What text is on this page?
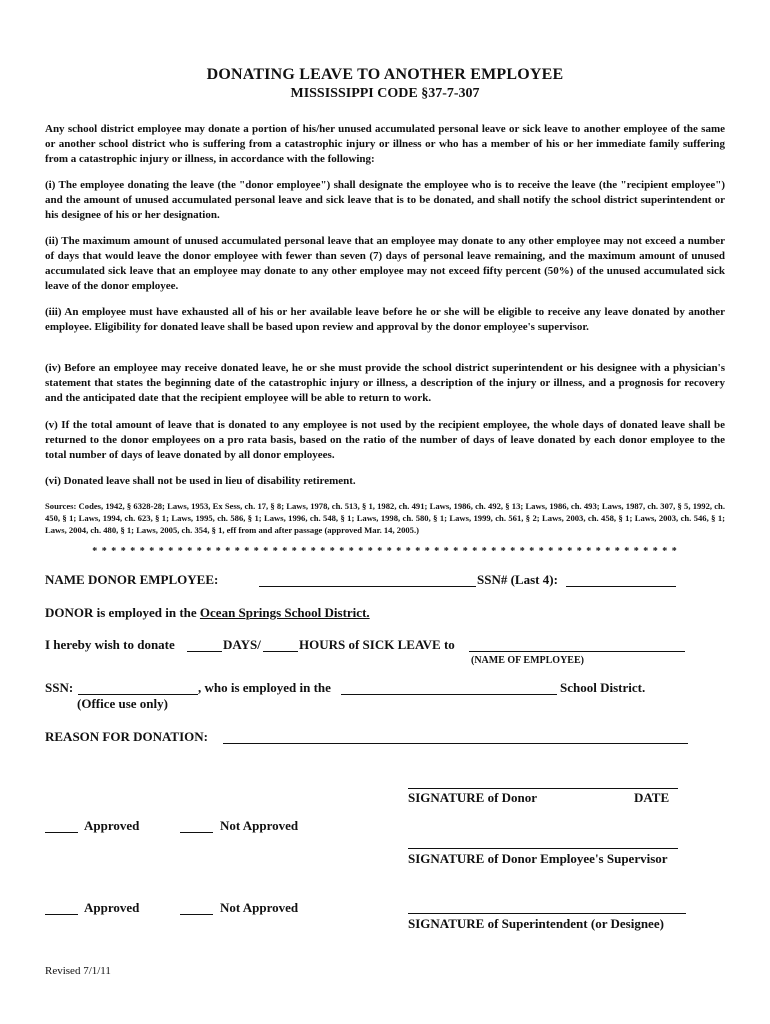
DONATING LEAVE TO ANOTHER EMPLOYEE
MISSISSIPPI CODE §37-7-307
Any school district employee may donate a portion of his/her unused accumulated personal leave or sick leave to another employee of the same or another school district who is suffering from a catastrophic injury or illness or who has a member of his or her immediate family suffering from a catastrophic injury or illness, in accordance with the following:
(i) The employee donating the leave (the "donor employee") shall designate the employee who is to receive the leave (the "recipient employee") and the amount of unused accumulated personal leave and sick leave that is to be donated, and shall notify the school district superintendent or his designee of his or her designation.
(ii) The maximum amount of unused accumulated personal leave that an employee may donate to any other employee may not exceed a number of days that would leave the donor employee with fewer than seven (7) days of personal leave remaining, and the maximum amount of unused accumulated sick leave that an employee may donate to any other employee may not exceed fifty percent (50%) of the unused accumulated sick leave of the donor employee.
(iii) An employee must have exhausted all of his or her available leave before he or she will be eligible to receive any leave donated by another employee. Eligibility for donated leave shall be based upon review and approval by the donor employee's supervisor.
(iv) Before an employee may receive donated leave, he or she must provide the school district superintendent or his designee with a physician's statement that states the beginning date of the catastrophic injury or illness, a description of the injury or illness, and a prognosis for recovery and the anticipated date that the recipient employee will be able to return to work.
(v) If the total amount of leave that is donated to any employee is not used by the recipient employee, the whole days of donated leave shall be returned to the donor employees on a pro rata basis, based on the ratio of the number of days of leave donated by each donor employee to the total number of days of leave donated by all donor employees.
(vi) Donated leave shall not be used in lieu of disability retirement.
Sources: Codes, 1942, § 6328-28; Laws, 1953, Ex Sess, ch. 17, § 8; Laws, 1978, ch. 513, § 1, 1982, ch. 491; Laws, 1986, ch. 492, § 13; Laws, 1986, ch. 493; Laws, 1987, ch. 307, § 5, 1992, ch. 450, § 1; Laws, 1994, ch. 623, § 1; Laws, 1995, ch. 586, § 1; Laws, 1996, ch. 548, § 1; Laws, 1998, ch. 580, § 1; Laws, 1999, ch. 561, § 2; Laws, 2003, ch. 458, § 1; Laws, 2003, ch. 546, § 1; Laws, 2004, ch. 480, § 1; Laws, 2005, ch. 354, § 1, eff from and after passage (approved Mar. 14, 2005.)
* * * * * * * * * * * * * * * * * * * * * * * * * * * * * * * * * * * * * * * * * * * * * * * * * * * * * * * * * * * * * *
NAME DONOR EMPLOYEE:	SSN# (Last 4):
DONOR is employed in the Ocean Springs School District.
I hereby wish to donate	DAYS/	HOURS of SICK LEAVE to
(NAME OF EMPLOYEE)
SSN:	, who is employed in the	School District.
(Office use only)
REASON FOR DONATION:
SIGNATURE of Donor	DATE
Approved	Not Approved
SIGNATURE of Donor Employee's Supervisor
Approved	Not Approved
SIGNATURE of Superintendent (or Designee)
Revised 7/1/11
